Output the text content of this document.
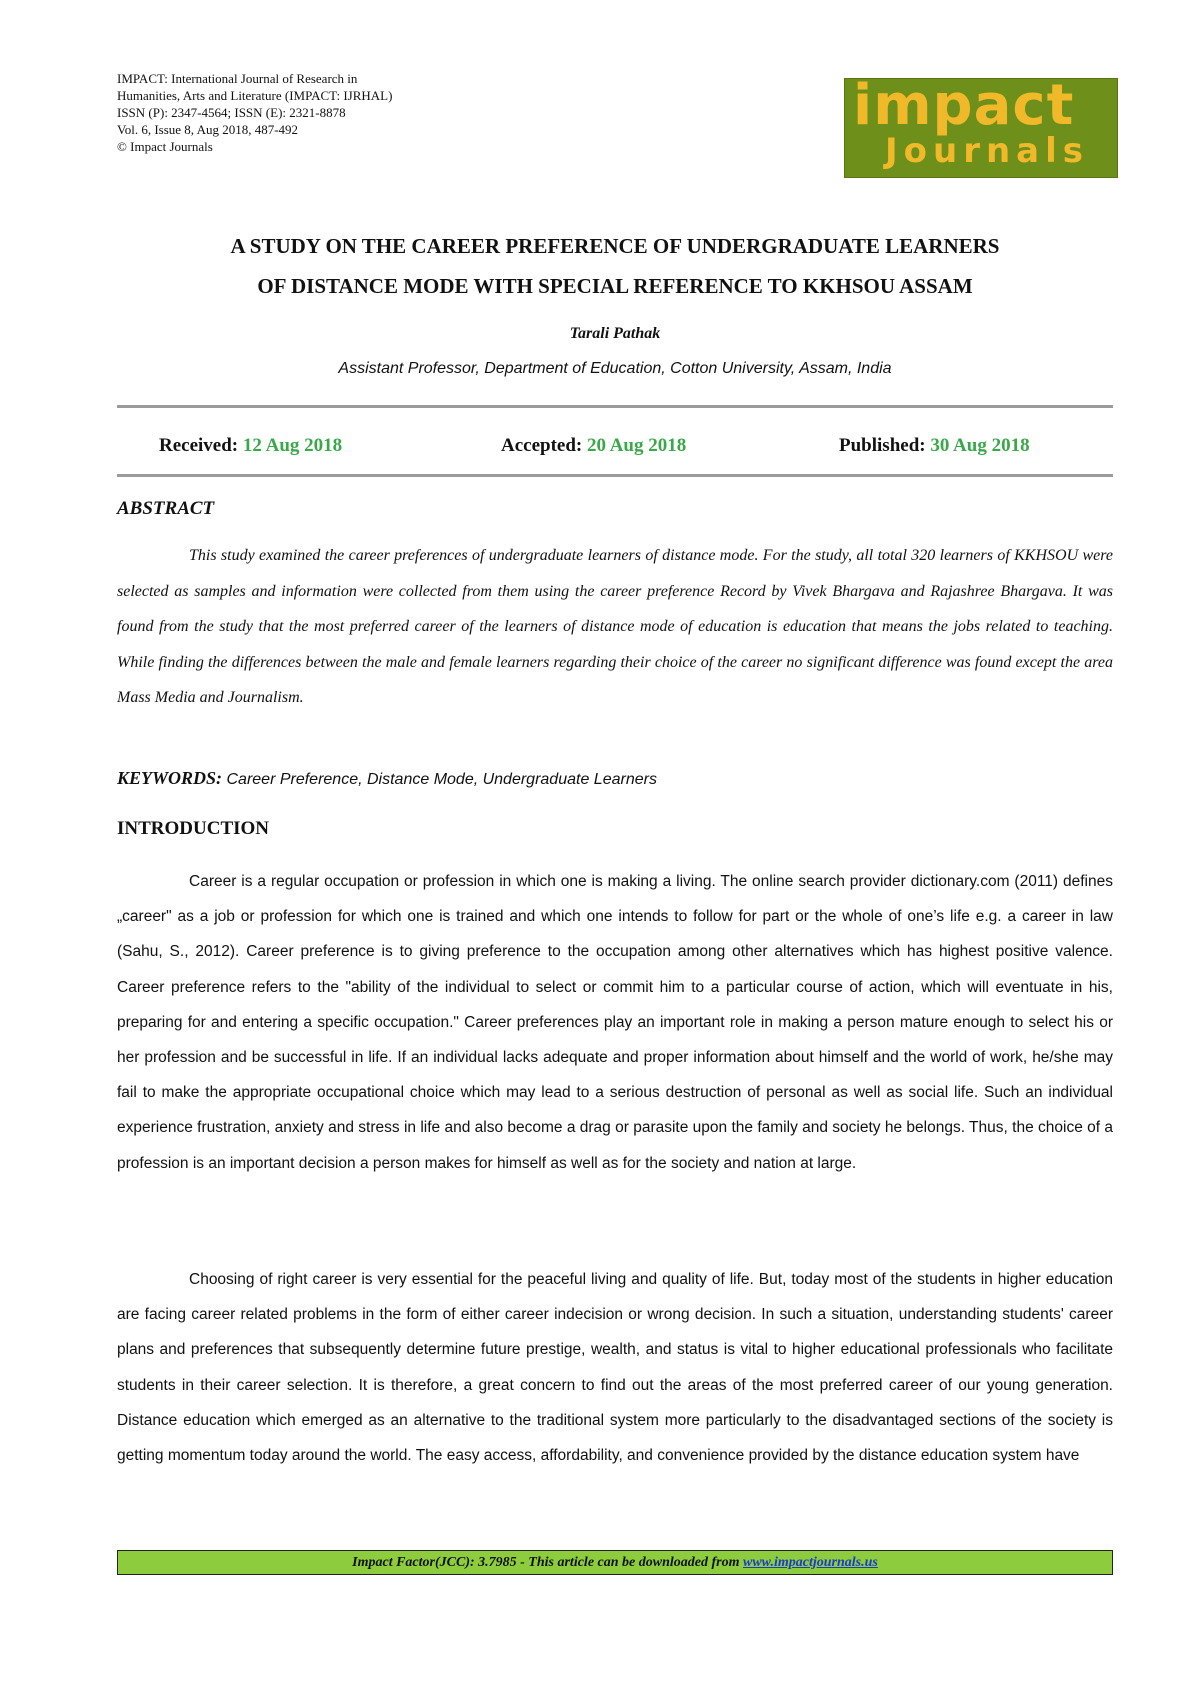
IMPACT: International Journal of Research in
Humanities, Arts and Literature (IMPACT: IJRHAL)
ISSN (P): 2347-4564; ISSN (E): 2321-8878
Vol. 6, Issue 8, Aug 2018, 487-492
© Impact Journals
impact
Journals
A STUDY ON THE CAREER PREFERENCE OF UNDERGRADUATE LEARNERS
OF DISTANCE MODE WITH SPECIAL REFERENCE TO KKHSOU ASSAM
Tarali Pathak
Assistant Professor, Department of Education, Cotton University, Assam, India
Received: 12 Aug 2018	Accepted: 20 Aug 2018	Published: 30 Aug 2018
ABSTRACT
This study examined the career preferences of undergraduate learners of distance mode. For the study, all total 320 learners of KKHSOU were selected as samples and information were collected from them using the career preference Record by Vivek Bhargava and Rajashree Bhargava. It was found from the study that the most preferred career of the learners of distance mode of education is education that means the jobs related to teaching. While finding the differences between the male and female learners regarding their choice of the career no significant difference was found except the area Mass Media and Journalism.
KEYWORDS: Career Preference, Distance Mode, Undergraduate Learners
INTRODUCTION
Career is a regular occupation or profession in which one is making a living. The online search provider dictionary.com (2011) defines „career" as a job or profession for which one is trained and which one intends to follow for part or the whole of one’s life e.g. a career in law (Sahu, S., 2012). Career preference is to giving preference to the occupation among other alternatives which has highest positive valence. Career preference refers to the "ability of the individual to select or commit him to a particular course of action, which will eventuate in his, preparing for and entering a specific occupation." Career preferences play an important role in making a person mature enough to select his or her profession and be successful in life. If an individual lacks adequate and proper information about himself and the world of work, he/she may fail to make the appropriate occupational choice which may lead to a serious destruction of personal as well as social life. Such an individual experience frustration, anxiety and stress in life and also become a drag or parasite upon the family and society he belongs. Thus, the choice of a profession is an important decision a person makes for himself as well as for the society and nation at large.
Choosing of right career is very essential for the peaceful living and quality of life. But, today most of the students in higher education are facing career related problems in the form of either career indecision or wrong decision. In such a situation, understanding students' career plans and preferences that subsequently determine future prestige, wealth, and status is vital to higher educational professionals who facilitate students in their career selection. It is therefore, a great concern to find out the areas of the most preferred career of our young generation. Distance education which emerged as an alternative to the traditional system more particularly to the disadvantaged sections of the society is getting momentum today around the world. The easy access, affordability, and convenience provided by the distance education system have
Impact Factor(JCC): 3.7985 - This article can be downloaded from www.impactjournals.us
